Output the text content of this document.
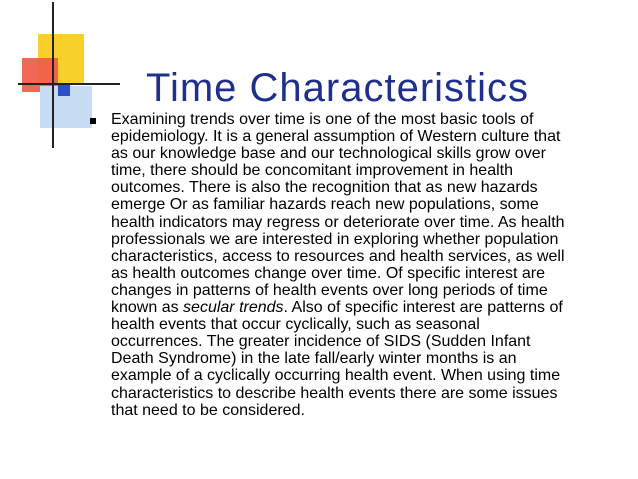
Time Characteristics
Examining trends over time is one of the most basic tools of
epidemiology. It is a general assumption of Western culture that
as our knowledge base and our technological skills grow over
time, there should be concomitant improvement in health
outcomes. There is also the recognition that as new hazards
emerge Or as familiar hazards reach new populations, some
health indicators may regress or deteriorate over time. As health
professionals we are interested in exploring whether population
characteristics, access to resources and health services, as well
as health outcomes change over time. Of specific interest are
changes in patterns of health events over long periods of time
known as secular trends. Also of specific interest are patterns of
health events that occur cyclically, such as seasonal
occurrences. The greater incidence of SIDS (Sudden Infant
Death Syndrome) in the late fall/early winter months is an
example of a cyclically occurring health event. When using time
characteristics to describe health events there are some issues
that need to be considered.
